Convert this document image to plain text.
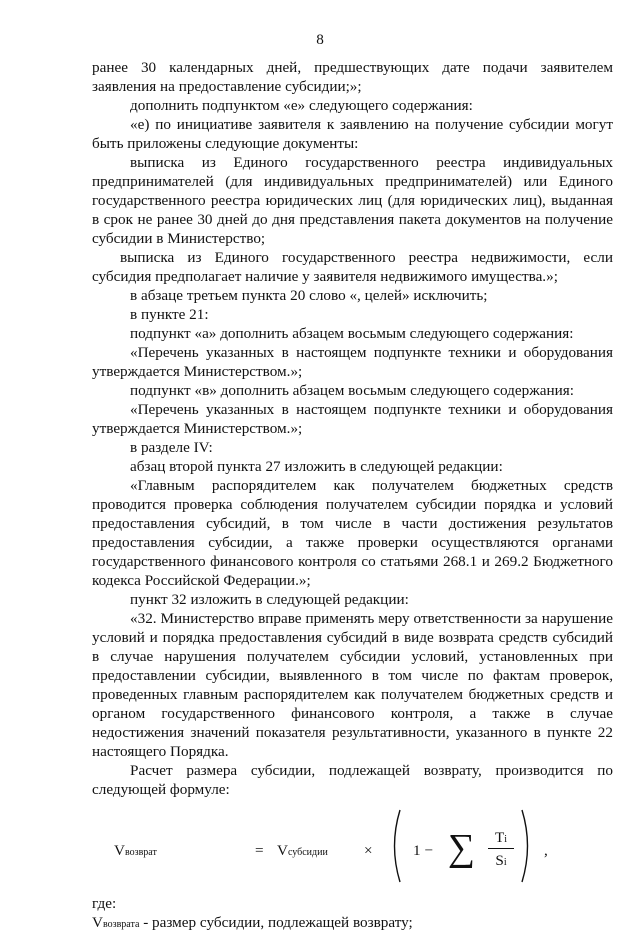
8

ранее 30 календарных дней, предшествующих дате подачи заявителем заявления на предоставление субсидии;»;

дополнить подпунктом «е» следующего содержания:

«е) по инициативе заявителя к заявлению на получение субсидии могут быть приложены следующие документы:

выписка из Единого государственного реестра индивидуальных предпринимателей (для индивидуальных предпринимателей) или Единого государственного реестра юридических лиц (для юридических лиц), выданная в срок не ранее 30 дней до дня представления пакета документов на получение субсидии в Министерство;

выписка из Единого государственного реестра недвижимости, если субсидия предполагает наличие у заявителя недвижимого имущества.»;

в абзаце третьем пункта 20 слово «, целей» исключить;

в пункте 21:

подпункт «а» дополнить абзацем восьмым следующего содержания:

«Перечень указанных в настоящем подпункте техники и оборудования утверждается Министерством.»;

подпункт «в» дополнить абзацем восьмым следующего содержания:

«Перечень указанных в настоящем подпункте техники и оборудования утверждается Министерством.»;

в разделе IV:

абзац второй пункта 27 изложить в следующей редакции:

«Главным распорядителем как получателем бюджетных средств проводится проверка соблюдения получателем субсидии порядка и условий предоставления субсидий, в том числе в части достижения результатов предоставления субсидии, а также проверки осуществляются органами государственного финансового контроля со статьями 268.1 и 269.2 Бюджетного кодекса Российской Федерации.»;

пункт 32 изложить в следующей редакции:

«32. Министерство вправе применять меру ответственности за нарушение условий и порядка предоставления субсидий в виде возврата средств субсидий в случае нарушения получателем субсидии условий, установленных при предоставлении субсидии, выявленного в том числе по фактам проверок, проведенных главным распорядителем как получателем бюджетных средств и органом государственного финансового контроля, а также в случае недостижения значений показателя результативности, указанного в пункте 22 настоящего Порядка.

Расчет размера субсидии, подлежащей возврату, производится по следующей формуле:

Vвозврат	= Vсубсидии ×	1 − ∑	Ti
Si
,

где:

Vвозврата - размер субсидии, подлежащей возврату;
